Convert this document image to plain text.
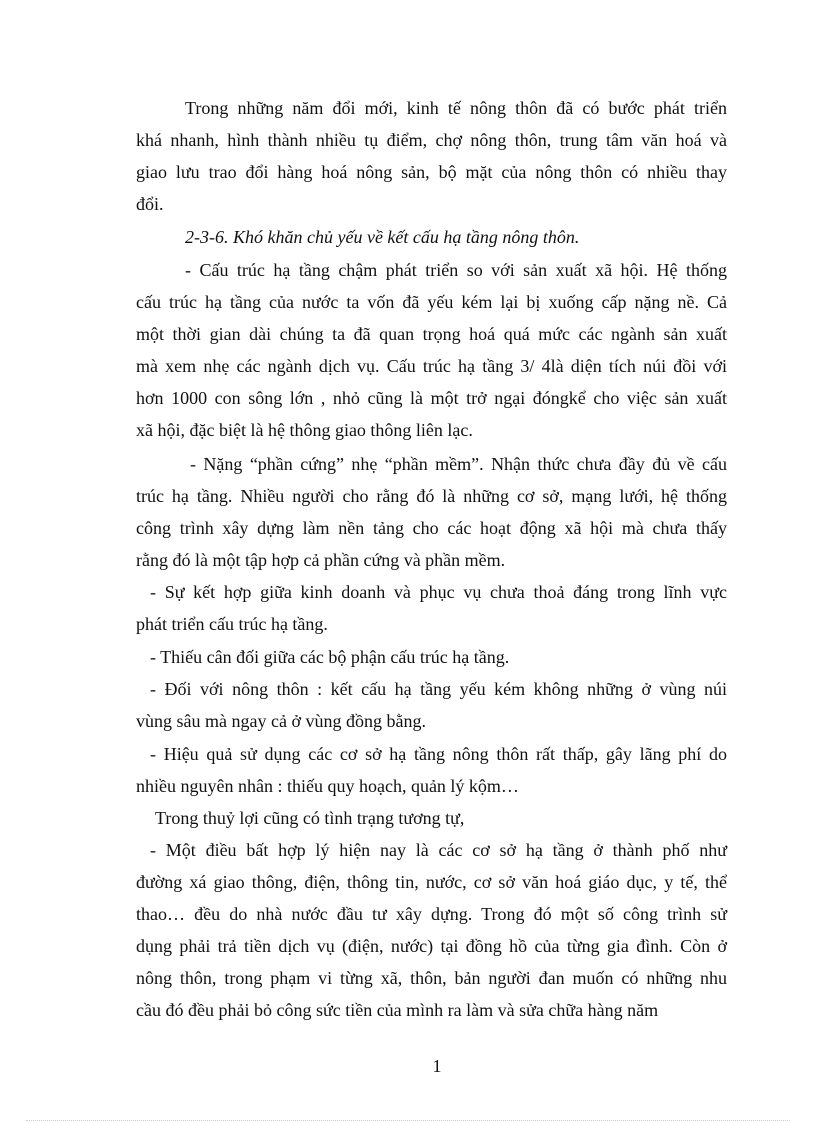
Trong những năm đổi mới, kinh tế nông thôn đã có bước phát triển
khá nhanh, hình thành nhiều tụ điểm, chợ nông thôn, trung tâm văn hoá và
giao lưu trao đổi hàng hoá nông sản, bộ mặt của nông thôn có nhiều thay
đổi.
2-3-6. Khó khăn chủ yếu về kết cấu hạ tầng nông thôn.
- Cấu trúc hạ tầng chậm phát triển so với sản xuất xã hội. Hệ thống
cấu trúc hạ tầng của nước ta vốn đã yếu kém lại bị xuống cấp nặng nề. Cả
một thời gian dài chúng ta đã quan trọng hoá quá mức các ngành sản xuất
mà xem nhẹ các ngành dịch vụ. Cấu trúc hạ tầng 3/ 4là diện tích núi đồi với
hơn 1000 con sông lớn , nhỏ cũng là một trở ngại đóngkể cho việc sản xuất
xã hội, đặc biệt là hệ thông giao thông liên lạc.
- Nặng “phần cứng” nhẹ “phần mềm”. Nhận thức chưa đầy đủ về cấu
trúc hạ tầng. Nhiều người cho rằng đó là những cơ sở, mạng lưới, hệ thống
công trình xây dựng làm nền tảng cho các hoạt động xã hội mà chưa thấy
rằng đó là một tập hợp cả phần cứng và phần mềm.
- Sự kết hợp giữa kinh doanh và phục vụ chưa thoả đáng trong lĩnh vực
phát triển cấu trúc hạ tầng.
- Thiếu cân đối giữa các bộ phận cấu trúc hạ tầng.
- Đối với nông thôn : kết cấu hạ tầng yếu kém không những ở vùng núi
vùng sâu mà ngay cả ở vùng đồng bằng.
- Hiệu quả sử dụng các cơ sở hạ tầng nông thôn rất thấp, gây lãng phí do
nhiều nguyên nhân : thiếu quy hoạch, quản lý kộm…
Trong thuỷ lợi cũng có tình trạng tương tự,
- Một điều bất hợp lý hiện nay là các cơ sở hạ tầng ở thành phố như
đường xá giao thông, điện, thông tin, nước, cơ sở văn hoá giáo dục, y tế, thể
thao… đều do nhà nước đầu tư xây dựng. Trong đó một số công trình sử
dụng phải trả tiền dịch vụ (điện, nước) tại đồng hồ của từng gia đình. Còn ở
nông thôn, trong phạm vi từng xã, thôn, bản người đan muốn có những nhu
cầu đó đều phải bỏ công sức tiền của mình ra làm và sửa chữa hàng năm
1
